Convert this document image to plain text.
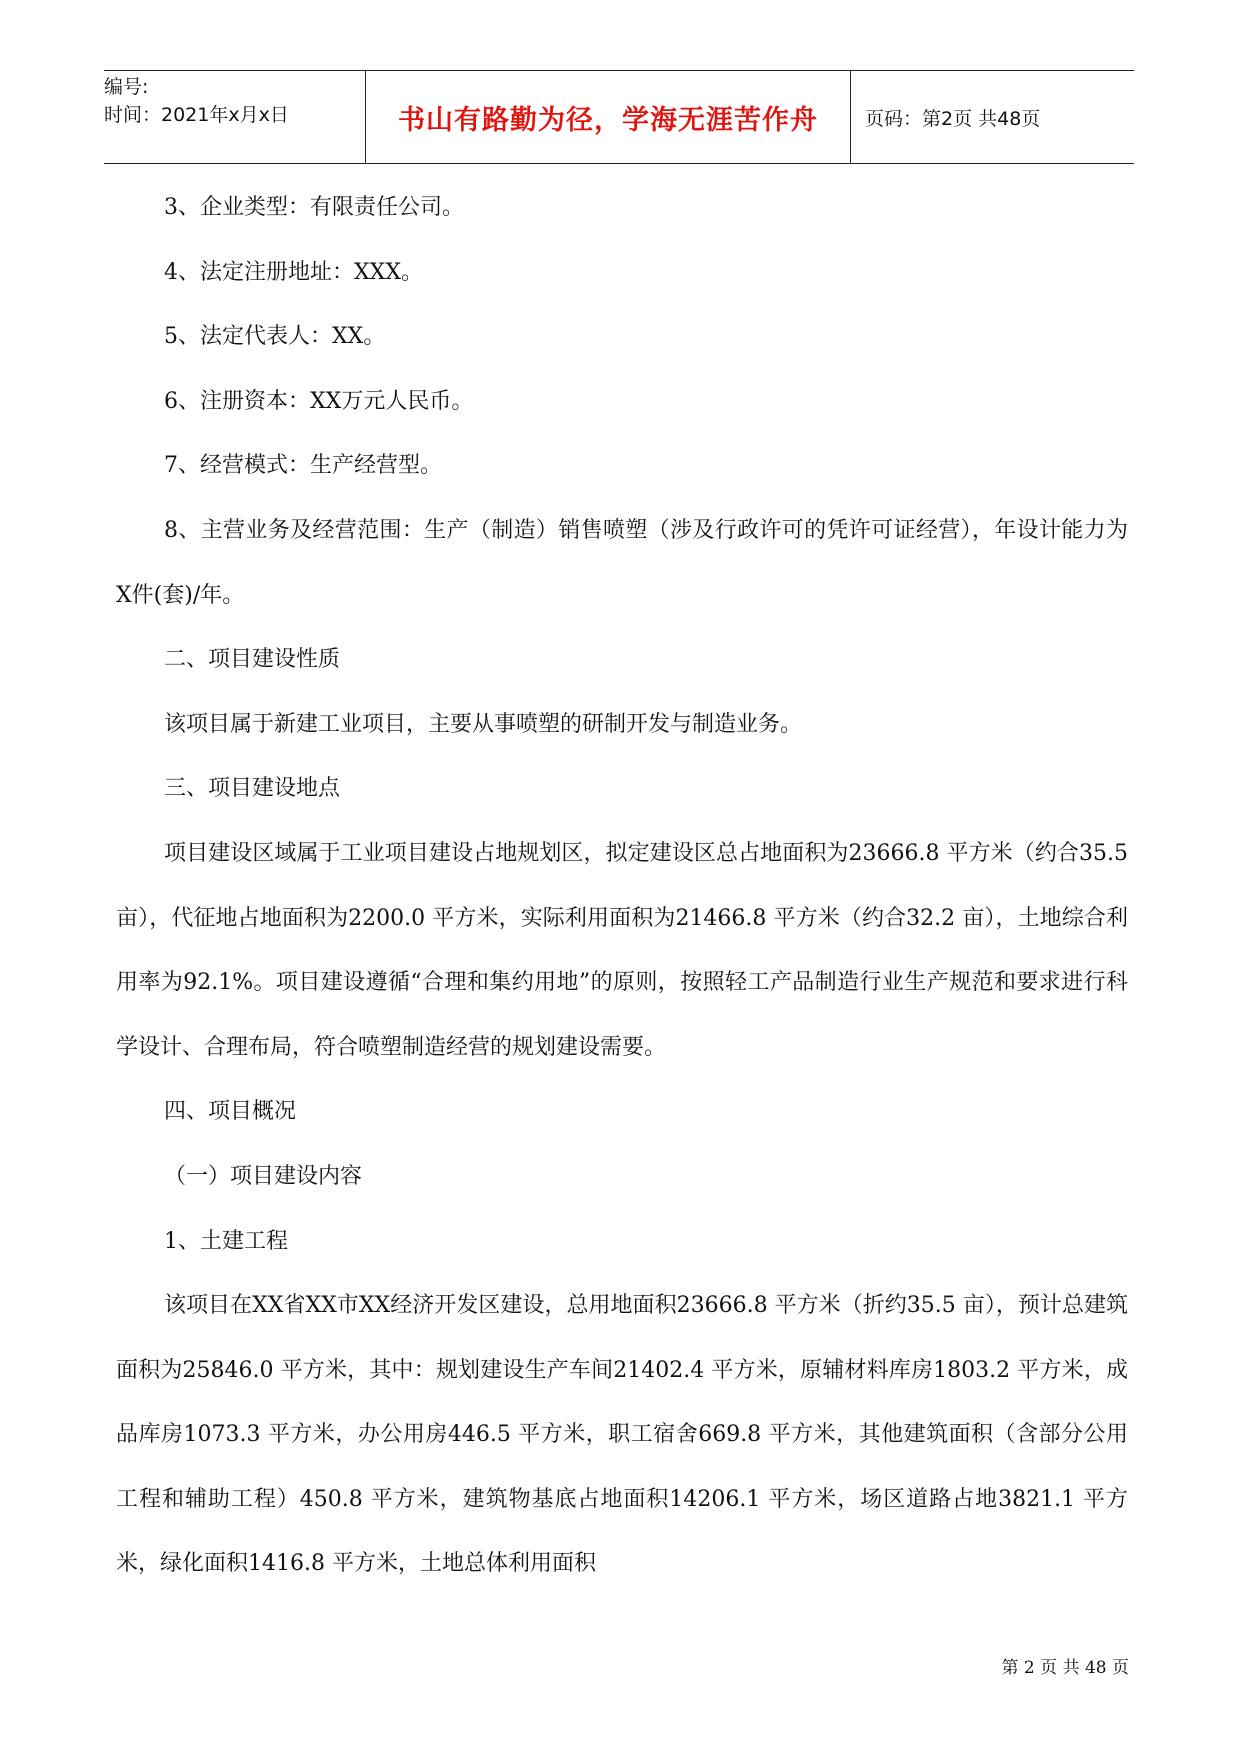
编号:
时间：2021年x月x日	书山有路勤为径，学海无涯苦作舟	页码：第2页 共48页

3、企业类型：有限责任公司。

4、法定注册地址：XXX。

5、法定代表人：XX。

6、注册资本：XX万元人民币。

7、经营模式：生产经营型。

8、主营业务及经营范围：生产（制造）销售喷塑（涉及行政许可的凭许可证经营），年设计能力为X件(套)/年。

二、项目建设性质

该项目属于新建工业项目，主要从事喷塑的研制开发与制造业务。

三、项目建设地点

项目建设区域属于工业项目建设占地规划区，拟定建设区总占地面积为23666.8 平方米（约合35.5 亩），代征地占地面积为2200.0 平方米，实际利用面积为21466.8 平方米（约合32.2 亩），土地综合利用率为92.1%。项目建设遵循“合理和集约用地”的原则，按照轻工产品制造行业生产规范和要求进行科学设计、合理布局，符合喷塑制造经营的规划建设需要。

四、项目概况

（一）项目建设内容

1、土建工程

该项目在XX省XX市XX经济开发区建设，总用地面积23666.8 平方米（折约35.5 亩），预计总建筑面积为25846.0 平方米，其中：规划建设生产车间21402.4 平方米，原辅材料库房1803.2 平方米，成品库房1073.3 平方米，办公用房446.5 平方米，职工宿舍669.8 平方米，其他建筑面积（含部分公用工程和辅助工程）450.8 平方米，建筑物基底占地面积14206.1 平方米，场区道路占地3821.1 平方米，绿化面积1416.8 平方米，土地总体利用面积

第 2 页 共 48 页
